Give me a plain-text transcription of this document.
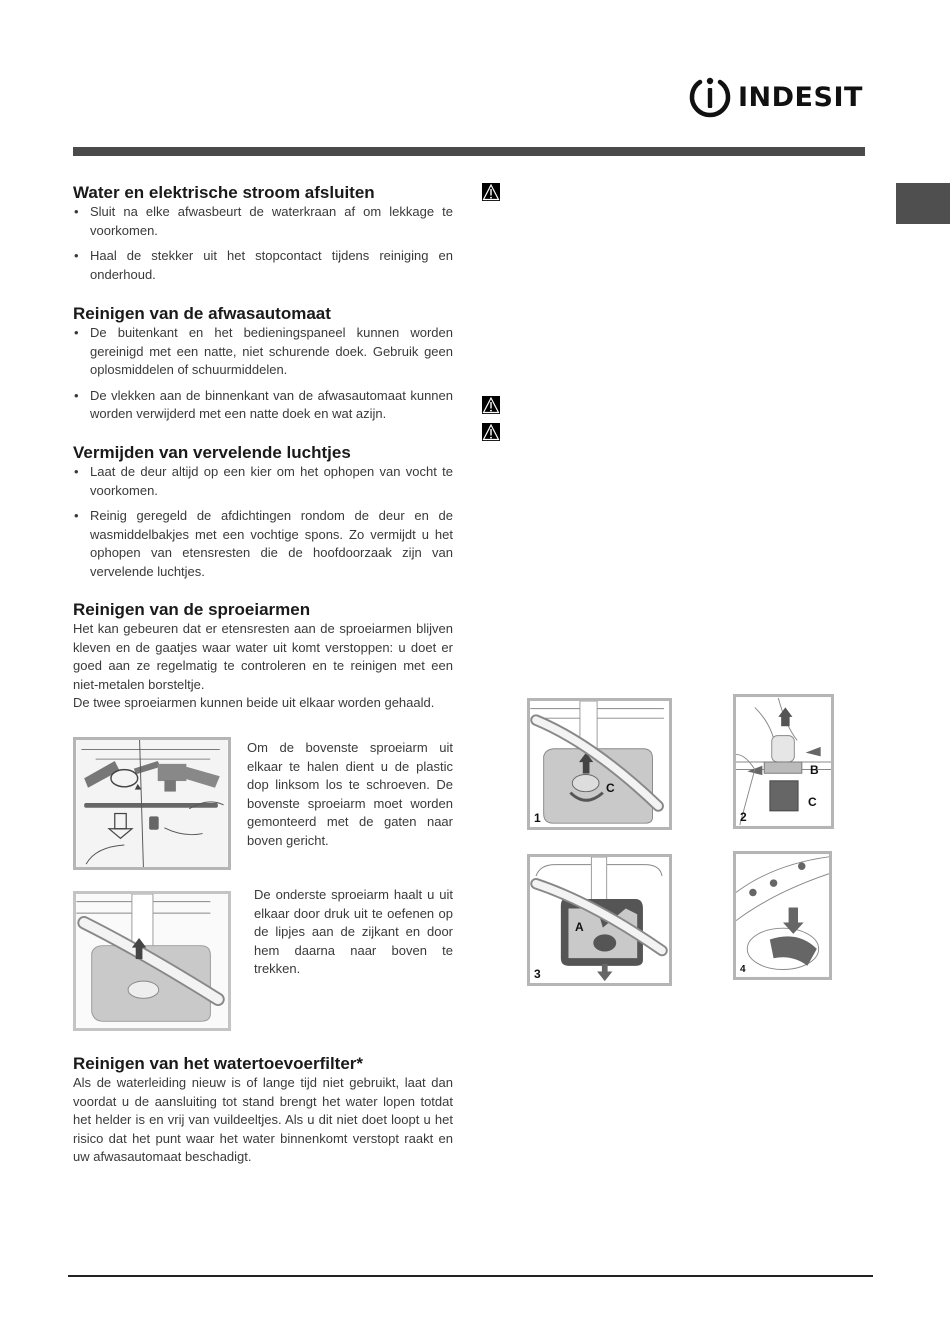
INDESIT
Water en elektrische stroom afsluiten
• Sluit na elke afwasbeurt de waterkraan af om lekkage te voorkomen.
• Haal de stekker uit het stopcontact tijdens reiniging en onderhoud.
Reinigen van de afwasautomaat
• De buitenkant en het bedieningspaneel kunnen worden gereinigd met een natte, niet schurende doek. Gebruik geen oplosmiddelen of schuurmiddelen.
• De vlekken aan de binnenkant van de afwasautomaat kunnen worden verwijderd met een natte doek en wat azijn.
Vermijden van vervelende luchtjes
• Laat de deur altijd op een kier om het ophopen van vocht te voorkomen.
• Reinig geregeld de afdichtingen rondom de deur en de wasmiddelbakjes met een vochtige spons. Zo vermijdt u het ophopen van etensresten die de hoofdoorzaak zijn van vervelende luchtjes.
Reinigen van de sproeiarmen

Het kan gebeuren dat er etensresten aan de sproeiarmen blijven kleven en de gaatjes waar water uit komt verstoppen: u doet er goed aan ze regelmatig te controleren en te reinigen met een niet-metalen borsteltje.

De twee sproeiarmen kunnen beide uit elkaar worden gehaald.

Om de bovenste sproeiarm uit elkaar te halen dient u de plastic dop linksom los te schroeven. De bovenste sproeiarm moet worden gemonteerd met de gaten naar boven gericht.
De onderste sproeiarm haalt u uit elkaar door druk uit te oefenen op de lipjes aan de zijkant en door hem daarna naar boven te trekken.
Reinigen van het watertoevoerfilter*

Als de waterleiding nieuw is of lange tijd niet gebruikt, laat dan voordat u de aansluiting tot stand brengt het water lopen totdat het helder is en vrij van vuildeeltjes. Als u dit niet doet loopt u het risico dat het punt waar het water binnenkomt verstopt raakt en uw afwasautomaat beschadigt.

1
C
2
B
C
3
A
4
